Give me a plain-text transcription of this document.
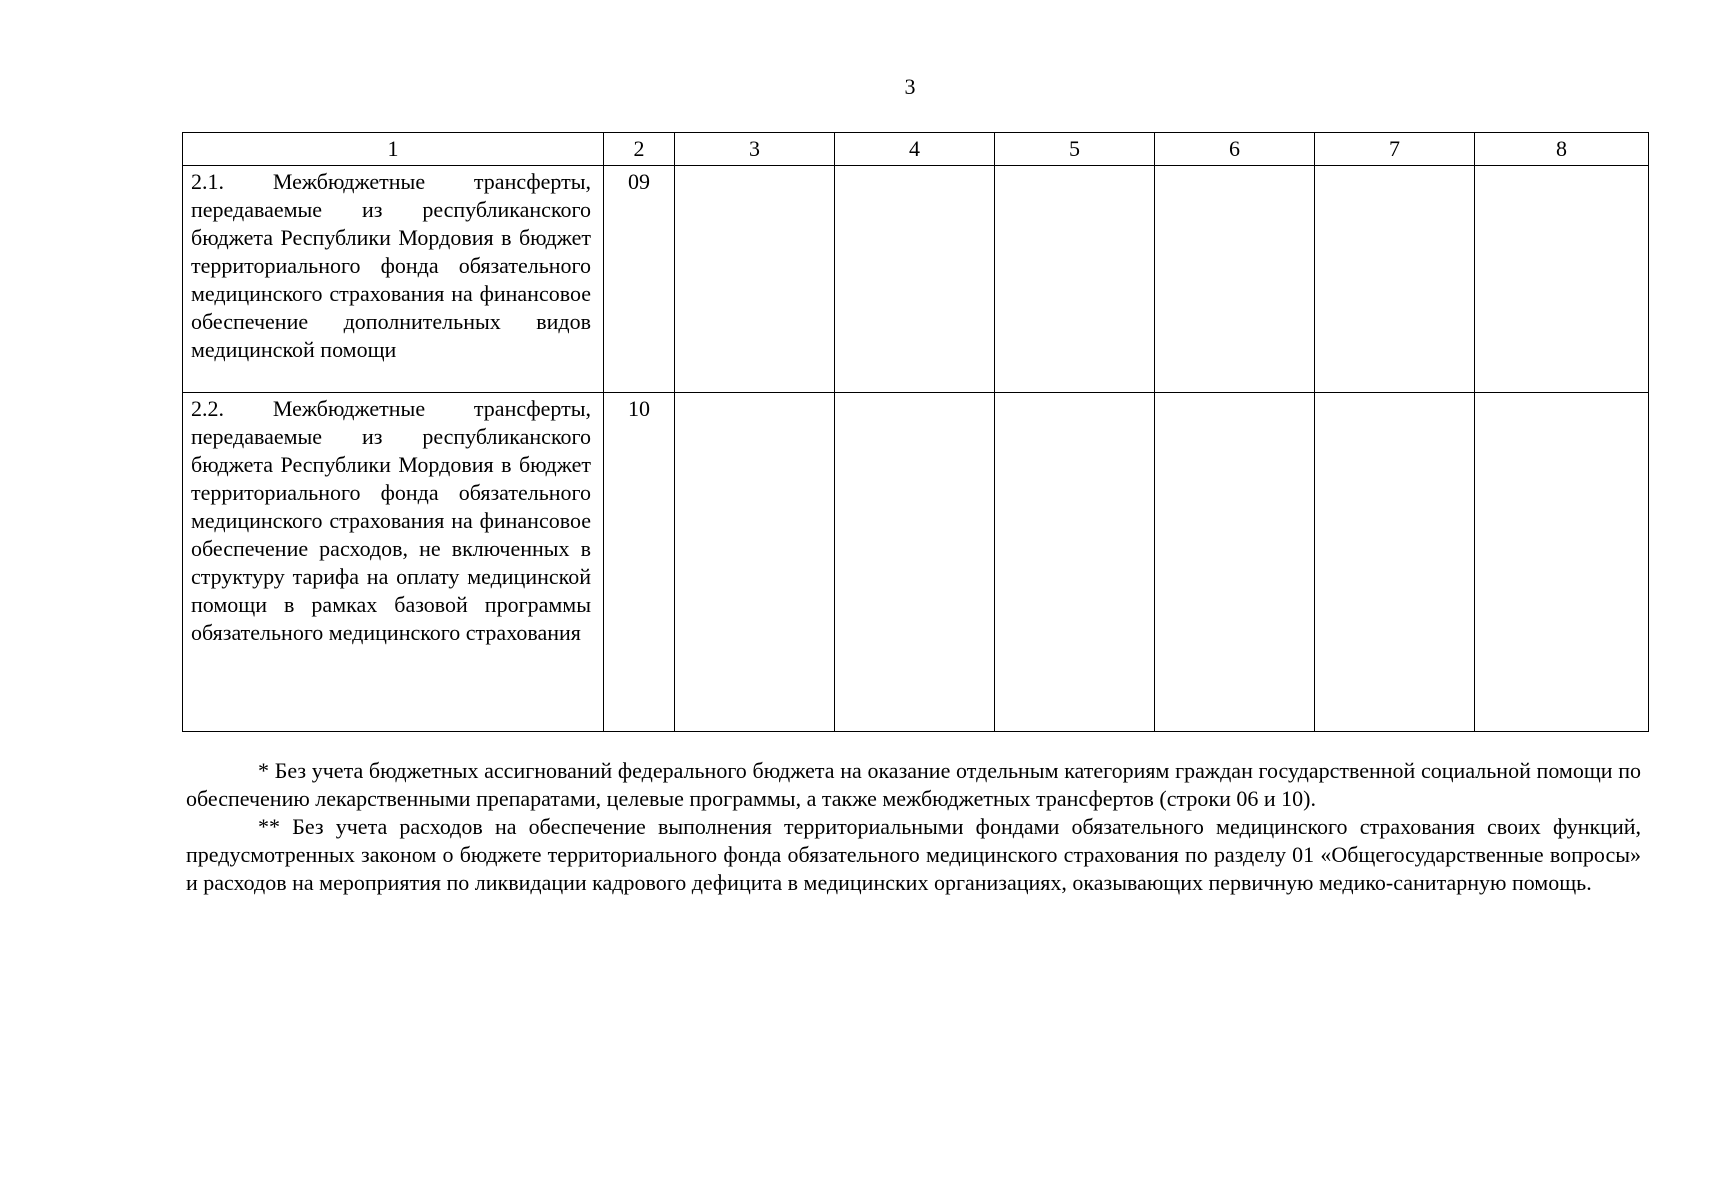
3
1	2	3	4	5	6	7	8
2.1. Межбюджетные трансферты, передаваемые из республиканского бюджета Республики Мордовия в бюджет территориального фонда обязательного медицинского страхования на финансовое обеспечение дополнительных видов медицинской помощи	09						
2.2. Межбюджетные трансферты, передаваемые из республиканского бюджета Республики Мордовия в бюджет территориального фонда обязательного медицинского страхования на финансовое обеспечение расходов, не включенных в структуру тарифа на оплату медицинской помощи в рамках базовой программы обязательного медицинского страхования	10						

* Без учета бюджетных ассигнований федерального бюджета на оказание отдельным категориям граждан государственной социальной помощи по обеспечению лекарственными препаратами, целевые программы, а также межбюджетных трансфертов (строки 06 и 10).

** Без учета расходов на обеспечение выполнения территориальными фондами обязательного медицинского страхования своих функций, предусмотренных законом о бюджете территориального фонда обязательного медицинского страхования по разделу 01 «Общегосударственные вопросы» и расходов на мероприятия по ликвидации кадрового дефицита в медицинских организациях, оказывающих первичную медико-санитарную помощь.
